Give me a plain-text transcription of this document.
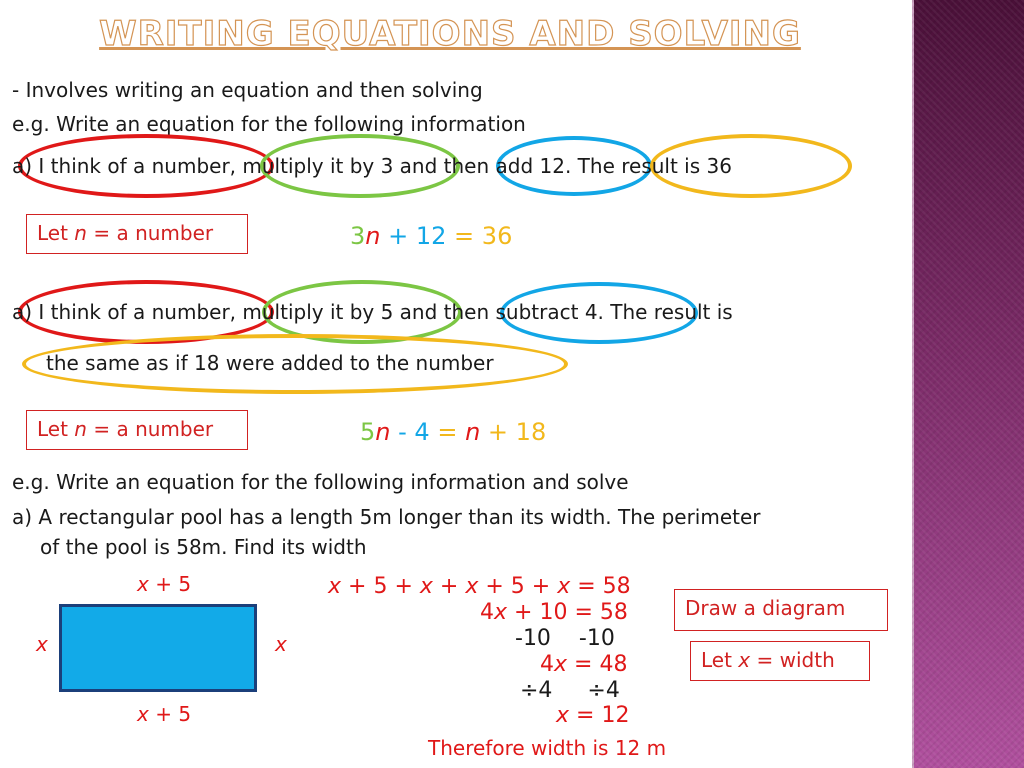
WRITING EQUATIONS AND SOLVING
- Involves writing an equation and then solving
e.g. Write an equation for the following information
a) I think of a number, multiply it by 3 and then add 12. The result is 36
Let n = a number	3n + 12 = 36
a) I think of a number, multiply it by 5 and then subtract 4. The result is
the same as if 18 were added to the number
Let n = a number	5n - 4 = n + 18
e.g. Write an equation for the following information and solve
a) A rectangular pool has a length 5m longer than its width. The perimeter
of the pool is 58m. Find its width
x + 5
x	x
x + 5
x + 5 + x + x + 5 + x = 58
4x + 10 = 58
-10    -10
4x = 48
÷4     ÷4
x = 12
Therefore width is 12 m
Draw a diagram
Let x = width
